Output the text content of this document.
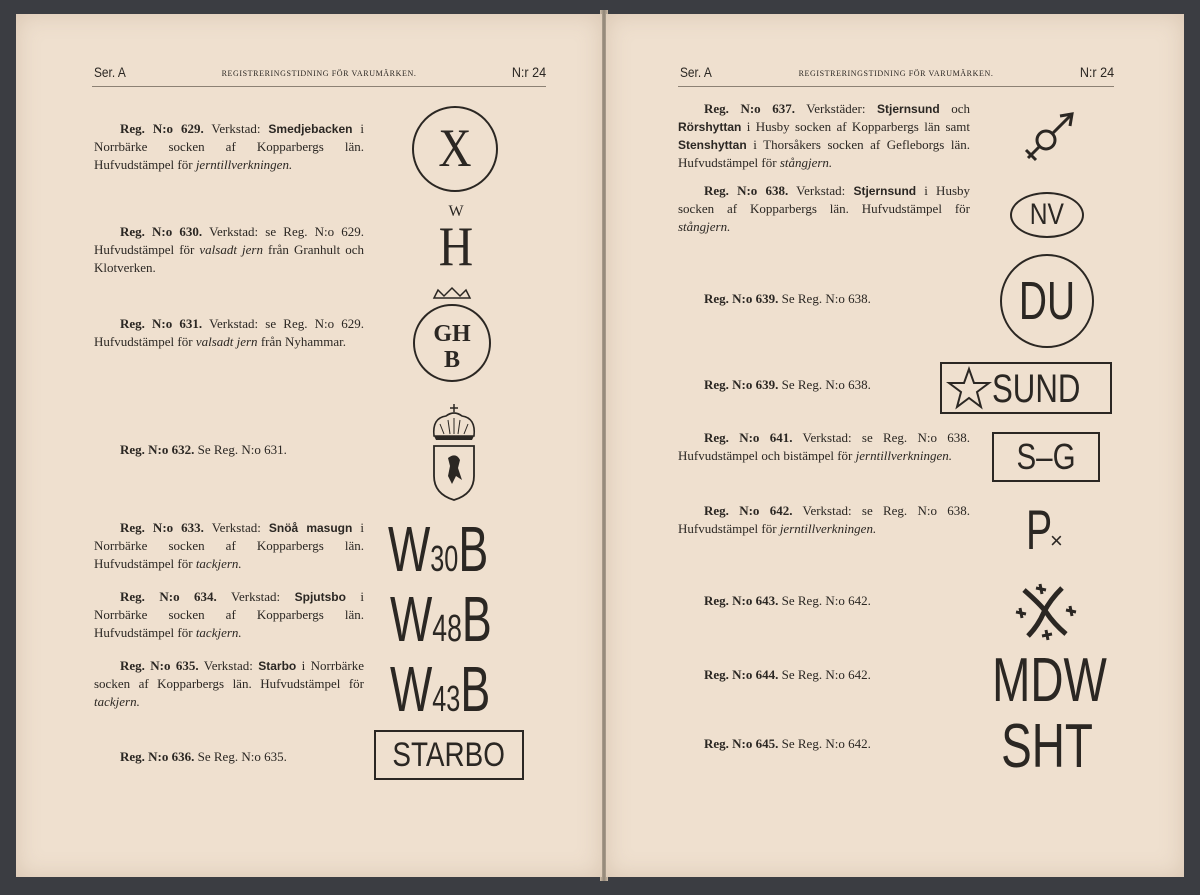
Ser. A	REGISTRERINGSTIDNING FÖR VARUMÄRKEN.	N:r 24
Reg. N:o 629. Verkstad: Smedjebacken i Norrbärke socken af Kopparbergs län. Hufvudstämpel för jerntillverkningen.
Reg. N:o 630. Verkstad: se Reg. N:o 629. Hufvudstämpel för valsadt jern från Granhult och Klotverken.
Reg. N:o 631. Verkstad: se Reg. N:o 629. Hufvudstämpel för valsadt jern från Nyhammar.
Reg. N:o 632. Se Reg. N:o 631.
Reg. N:o 633. Verkstad: Snöå masugn i Norrbärke socken af Kopparbergs län. Hufvudstämpel för tackjern.
Reg. N:o 634. Verkstad: Spjutsbo i Norrbärke socken af Kopparbergs län. Hufvudstämpel för tackjern.
Reg. N:o 635. Verkstad: Starbo i Norrbärke socken af Kopparbergs län. Hufvudstämpel för tackjern.
Reg. N:o 636. Se Reg. N:o 635.
X
W
H
GH
B
W30B
W48B
W43B
STARBO
Ser. A	REGISTRERINGSTIDNING FÖR VARUMÄRKEN.	N:r 24
Reg. N:o 637. Verkstäder: Stjernsund och Rörshyttan i Husby socken af Kopparbergs län samt Stenshyttan i Thorsåkers socken af Gefleborgs län. Hufvudstämpel för stångjern.
Reg. N:o 638. Verkstad: Stjernsund i Husby socken af Kopparbergs län. Hufvudstämpel för stångjern.
Reg. N:o 639. Se Reg. N:o 638.
Reg. N:o 639. Se Reg. N:o 638.
Reg. N:o 641. Verkstad: se Reg. N:o 638. Hufvudstämpel och bistämpel för jerntillverkningen.
Reg. N:o 642. Verkstad: se Reg. N:o 638. Hufvudstämpel för jerntillverkningen.
Reg. N:o 643. Se Reg. N:o 642.
Reg. N:o 644. Se Reg. N:o 642.
Reg. N:o 645. Se Reg. N:o 642.
NV
DU
SUND
S–G
P
×
MDW
SHT
